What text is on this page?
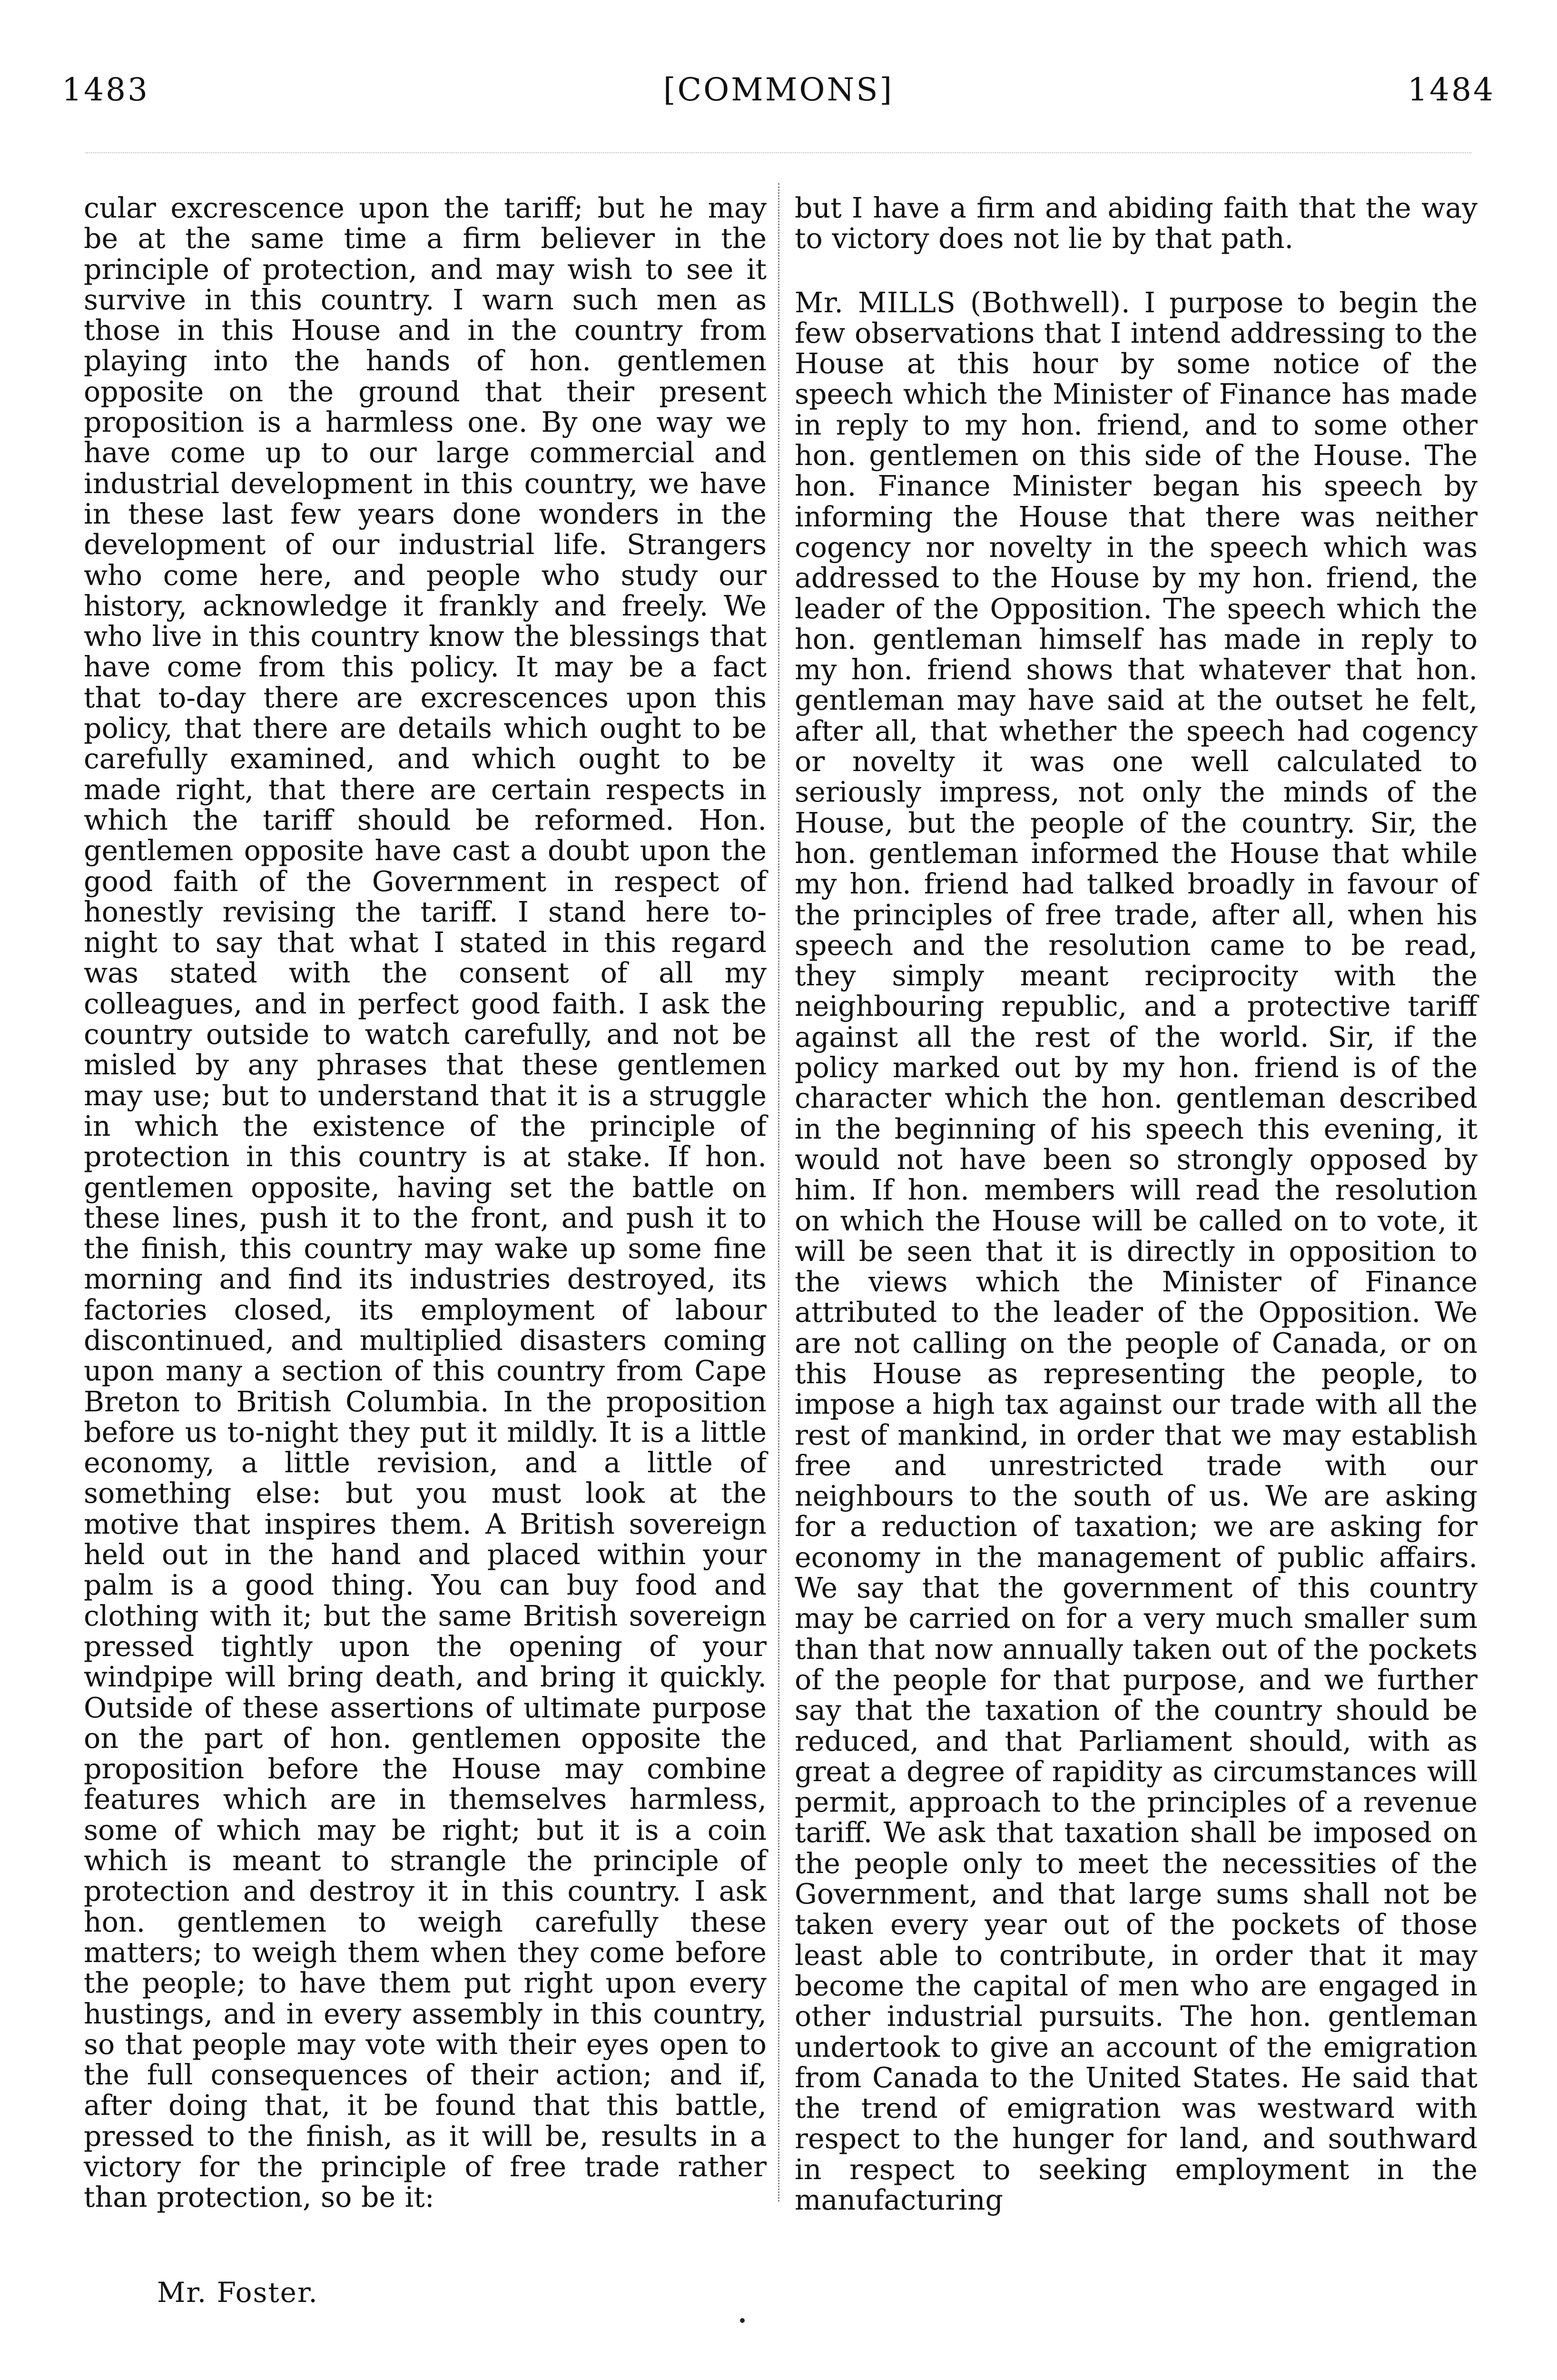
1483	[COMMONS]	1484

cular excrescence upon the tariff; but he may be at the same time a firm believer in the principle of protection, and may wish to see it survive in this country. I warn such men as those in this House and in the country from playing into the hands of hon. gentlemen opposite on the ground that their present proposition is a harmless one. By one way we have come up to our large commercial and industrial development in this country, we have in these last few years done wonders in the development of our industrial life. Strangers who come here, and people who study our history, acknowledge it frankly and freely. We who live in this country know the blessings that have come from this policy. It may be a fact that to-day there are excrescences upon this policy, that there are details which ought to be carefully examined, and which ought to be made right, that there are certain respects in which the tariff should be reformed. Hon. gentlemen opposite have cast a doubt upon the good faith of the Government in respect of honestly revising the tariff. I stand here to-night to say that what I stated in this regard was stated with the consent of all my colleagues, and in perfect good faith. I ask the country outside to watch carefully, and not be misled by any phrases that these gentlemen may use; but to understand that it is a struggle in which the existence of the principle of protection in this country is at stake. If hon. gentlemen opposite, having set the battle on these lines, push it to the front, and push it to the finish, this country may wake up some fine morning and find its industries destroyed, its factories closed, its employment of labour discontinued, and multiplied disasters coming upon many a section of this country from Cape Breton to British Columbia. In the proposition before us to-night they put it mildly. It is a little economy, a little revision, and a little of something else: but you must look at the motive that inspires them. A British sovereign held out in the hand and placed within your palm is a good thing. You can buy food and clothing with it; but the same British sovereign pressed tightly upon the opening of your windpipe will bring death, and bring it quickly. Outside of these assertions of ultimate purpose on the part of hon. gentlemen opposite the proposition before the House may combine features which are in themselves harmless, some of which may be right; but it is a coin which is meant to strangle the principle of protection and destroy it in this country. I ask hon. gentlemen to weigh carefully these matters; to weigh them when they come before the people; to have them put right upon every hustings, and in every assembly in this country, so that people may vote with their eyes open to the full consequences of their action; and if, after doing that, it be found that this battle, pressed to the finish, as it will be, results in a victory for the principle of free trade rather than protection, so be it:

but I have a firm and abiding faith that the way to victory does not lie by that path.

Mr. MILLS (Bothwell). I purpose to begin the few observations that I intend addressing to the House at this hour by some notice of the speech which the Minister of Finance has made in reply to my hon. friend, and to some other hon. gentlemen on this side of the House. The hon. Finance Minister began his speech by informing the House that there was neither cogency nor novelty in the speech which was addressed to the House by my hon. friend, the leader of the Opposition. The speech which the hon. gentleman himself has made in reply to my hon. friend shows that whatever that hon. gentleman may have said at the outset he felt, after all, that whether the speech had cogency or novelty it was one well calculated to seriously impress, not only the minds of the House, but the people of the country. Sir, the hon. gentleman informed the House that while my hon. friend had talked broadly in favour of the principles of free trade, after all, when his speech and the resolution came to be read, they simply meant reciprocity with the neighbouring republic, and a protective tariff against all the rest of the world. Sir, if the policy marked out by my hon. friend is of the character which the hon. gentleman described in the beginning of his speech this evening, it would not have been so strongly opposed by him. If hon. members will read the resolution on which the House will be called on to vote, it will be seen that it is directly in opposition to the views which the Minister of Finance attributed to the leader of the Opposition. We are not calling on the people of Canada, or on this House as representing the people, to impose a high tax against our trade with all the rest of mankind, in order that we may establish free and unrestricted trade with our neighbours to the south of us. We are asking for a reduction of taxation; we are asking for economy in the management of public affairs. We say that the government of this country may be carried on for a very much smaller sum than that now annually taken out of the pockets of the people for that purpose, and we further say that the taxation of the country should be reduced, and that Parliament should, with as great a degree of rapidity as circumstances will permit, approach to the principles of a revenue tariff. We ask that taxation shall be imposed on the people only to meet the necessities of the Government, and that large sums shall not be taken every year out of the pockets of those least able to contribute, in order that it may become the capital of men who are engaged in other industrial pursuits. The hon. gentleman undertook to give an account of the emigration from Canada to the United States. He said that the trend of emigration was westward with respect to the hunger for land, and southward in respect to seeking employment in the manufacturing

Mr. Foster.
